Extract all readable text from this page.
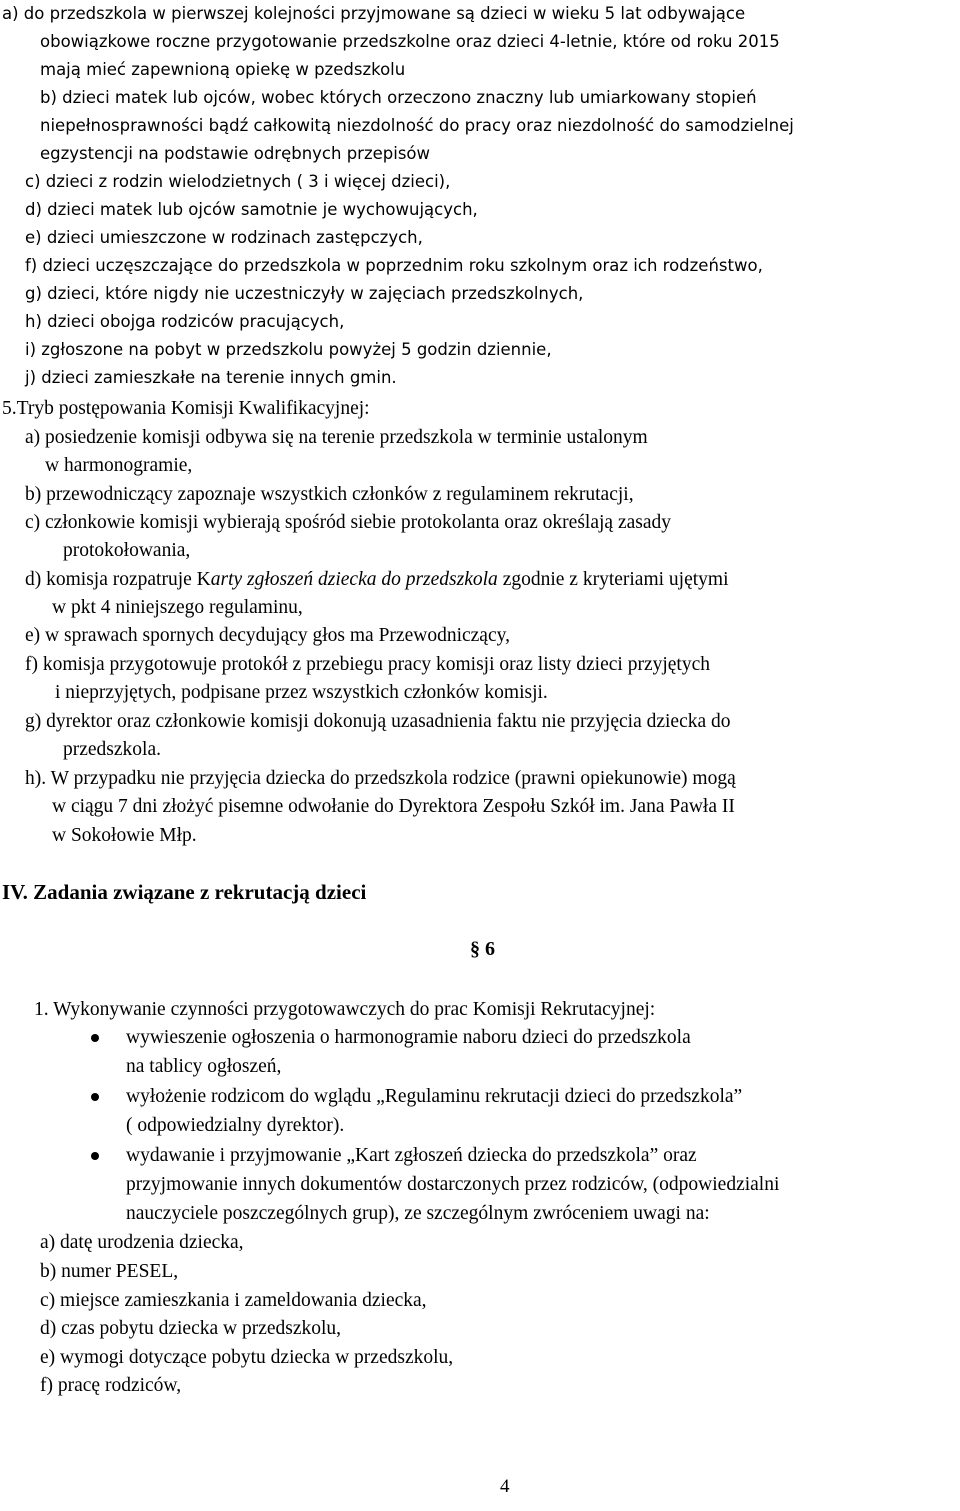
a) do przedszkola w pierwszej kolejności przyjmowane są dzieci w wieku 5 lat odbywające
obowiązkowe roczne przygotowanie przedszkolne oraz dzieci 4-letnie, które od roku 2015
mają mieć zapewnioną opiekę w pzedszkolu
b) dzieci matek lub ojców, wobec których orzeczono znaczny lub umiarkowany stopień
niepełnosprawności bądź całkowitą niezdolność do pracy oraz niezdolność do samodzielnej
egzystencji na podstawie odrębnych przepisów
c) dzieci z rodzin wielodzietnych ( 3 i więcej dzieci),
d) dzieci matek lub ojców samotnie je wychowujących,
e) dzieci umieszczone w rodzinach zastępczych,
f) dzieci uczęszczające do przedszkola w poprzednim roku szkolnym oraz ich rodzeństwo,
g) dzieci, które nigdy nie uczestniczyły w zajęciach przedszkolnych,
h) dzieci obojga rodziców pracujących,
i) zgłoszone na pobyt w przedszkolu powyżej 5 godzin dziennie,
j) dzieci zamieszkałe na terenie innych gmin.
5.Tryb postępowania Komisji Kwalifikacyjnej:
a) posiedzenie komisji odbywa się na terenie przedszkola w terminie ustalonym
w harmonogramie,
b) przewodniczący zapoznaje wszystkich członków z regulaminem rekrutacji,
c) członkowie komisji wybierają spośród siebie protokolanta oraz określają zasady
protokołowania,
d) komisja rozpatruje Karty zgłoszeń dziecka do przedszkola zgodnie z kryteriami ujętymi
w pkt 4 niniejszego regulaminu,
e) w sprawach spornych decydujący głos ma Przewodniczący,
f) komisja przygotowuje protokół z przebiegu pracy komisji oraz listy dzieci przyjętych
i nieprzyjętych, podpisane przez wszystkich członków komisji.
g) dyrektor oraz członkowie komisji dokonują uzasadnienia faktu nie przyjęcia dziecka do
przedszkola.
h). W przypadku nie przyjęcia dziecka do przedszkola rodzice (prawni opiekunowie) mogą
w ciągu 7 dni złożyć pisemne odwołanie do Dyrektora Zespołu Szkół im. Jana Pawła II
w Sokołowie Młp.
IV. Zadania związane z rekrutacją dzieci
§ 6
1. Wykonywanie czynności przygotowawczych do prac Komisji Rekrutacyjnej:
wywieszenie ogłoszenia o harmonogramie naboru dzieci do przedszkola
na tablicy ogłoszeń,
wyłożenie rodzicom do wglądu „Regulaminu rekrutacji dzieci do przedszkola”
( odpowiedzialny dyrektor).
wydawanie i przyjmowanie „Kart zgłoszeń dziecka do przedszkola” oraz
przyjmowanie innych dokumentów dostarczonych przez rodziców, (odpowiedzialni
nauczyciele poszczególnych grup), ze szczególnym zwróceniem uwagi na:
a) datę urodzenia dziecka,
b) numer PESEL,
c) miejsce zamieszkania i zameldowania dziecka,
d) czas pobytu dziecka w przedszkolu,
e) wymogi dotyczące pobytu dziecka w przedszkolu,
f) pracę rodziców,
4
